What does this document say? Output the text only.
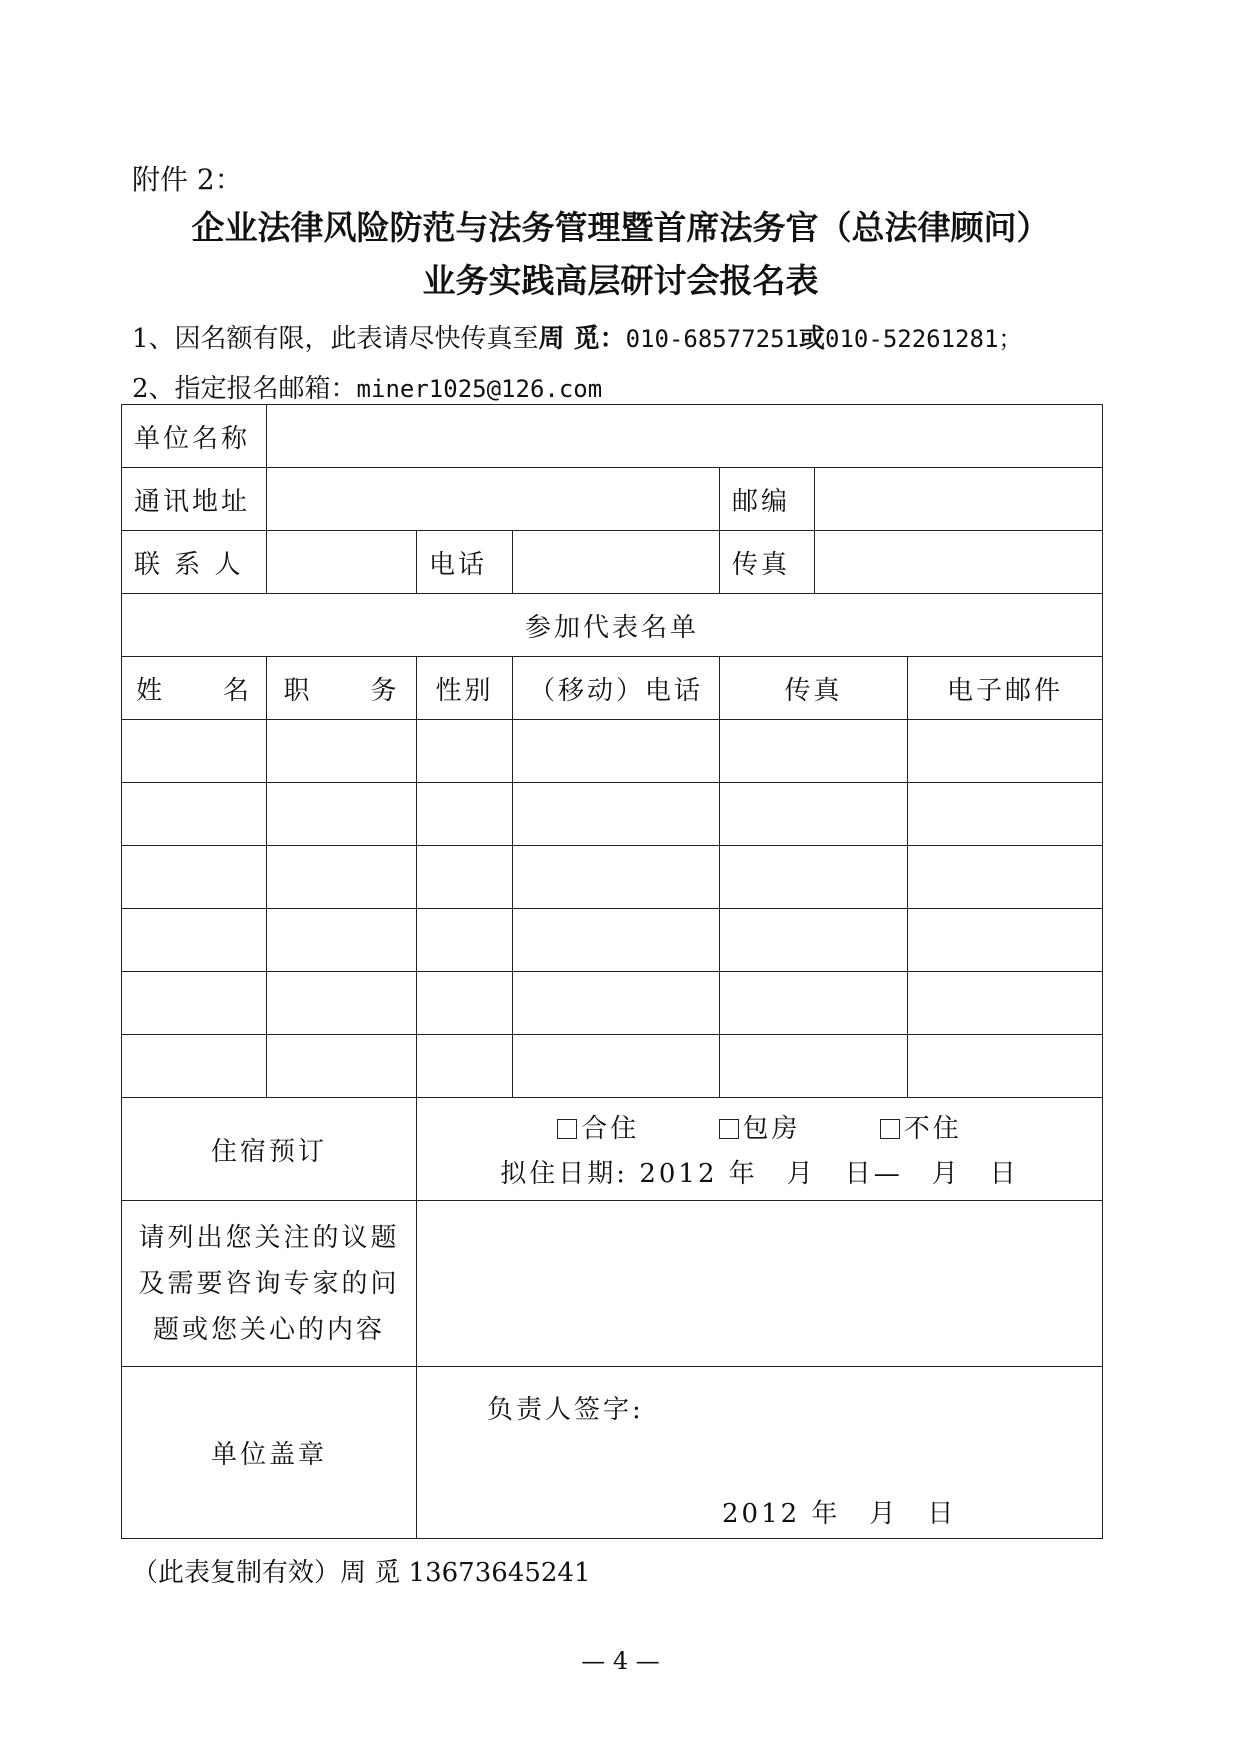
附件 2：
企业法律风险防范与法务管理暨首席法务官（总法律顾问）
业务实践高层研讨会报名表
1、因名额有限，此表请尽快传真至周 觅：010-68577251或010-52261281；
2、指定报名邮箱：miner1025@126.com
单位名称						
通讯地址				邮编		
联 系 人		电话		传真		
参加代表名单						
姓　　名	职　　务	性别	（移动）电话	传真		电子邮件

住宿预订		合住 包房 不住
拟住日期: 2012 年　月　日—　月　日				

请列出您关注的议题
及需要咨询专家的问
题或您关心的内容						

单位盖章		负责人签字:
2012 年　月　日				
（此表复制有效）周 觅 13673645241
— 4 —
